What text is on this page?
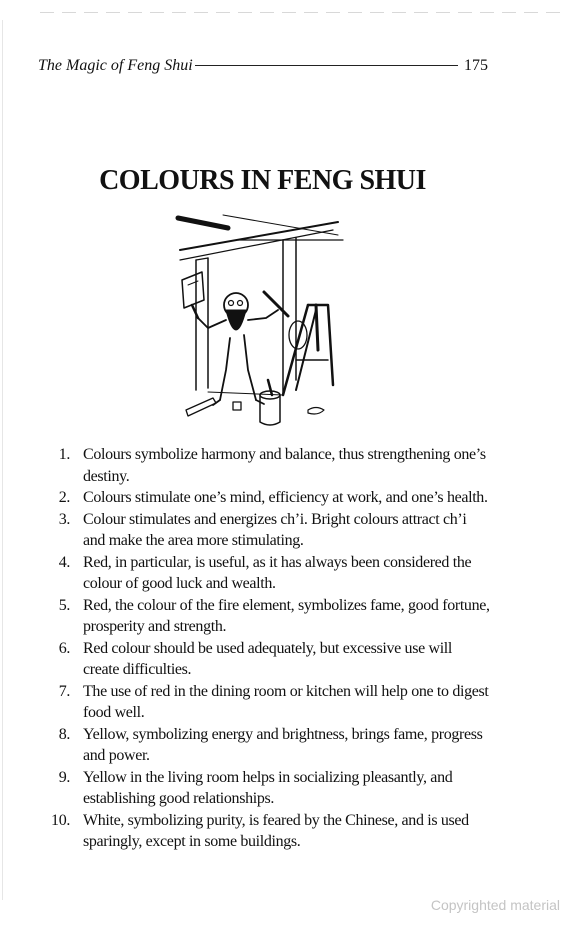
The Magic of Feng Shui	175
COLOURS IN FENG SHUI
1. Colours symbolize harmony and balance, thus strengthening one’s destiny.
2. Colours stimulate one’s mind, efficiency at work, and one’s health.
3. Colour stimulates and energizes ch’i. Bright colours attract ch’i and make the area more stimulating.
4. Red, in particular, is useful, as it has always been considered the colour of good luck and wealth.
5. Red, the colour of the fire element, symbolizes fame, good fortune, prosperity and strength.
6. Red colour should be used adequately, but excessive use will create difficulties.
7. The use of red in the dining room or kitchen will help one to digest food well.
8. Yellow, symbolizing energy and brightness, brings fame, progress and power.
9. Yellow in the living room helps in socializing pleasantly, and establishing good relationships.
10. White, symbolizing purity, is feared by the Chinese, and is used sparingly, except in some buildings.
Copyrighted material
